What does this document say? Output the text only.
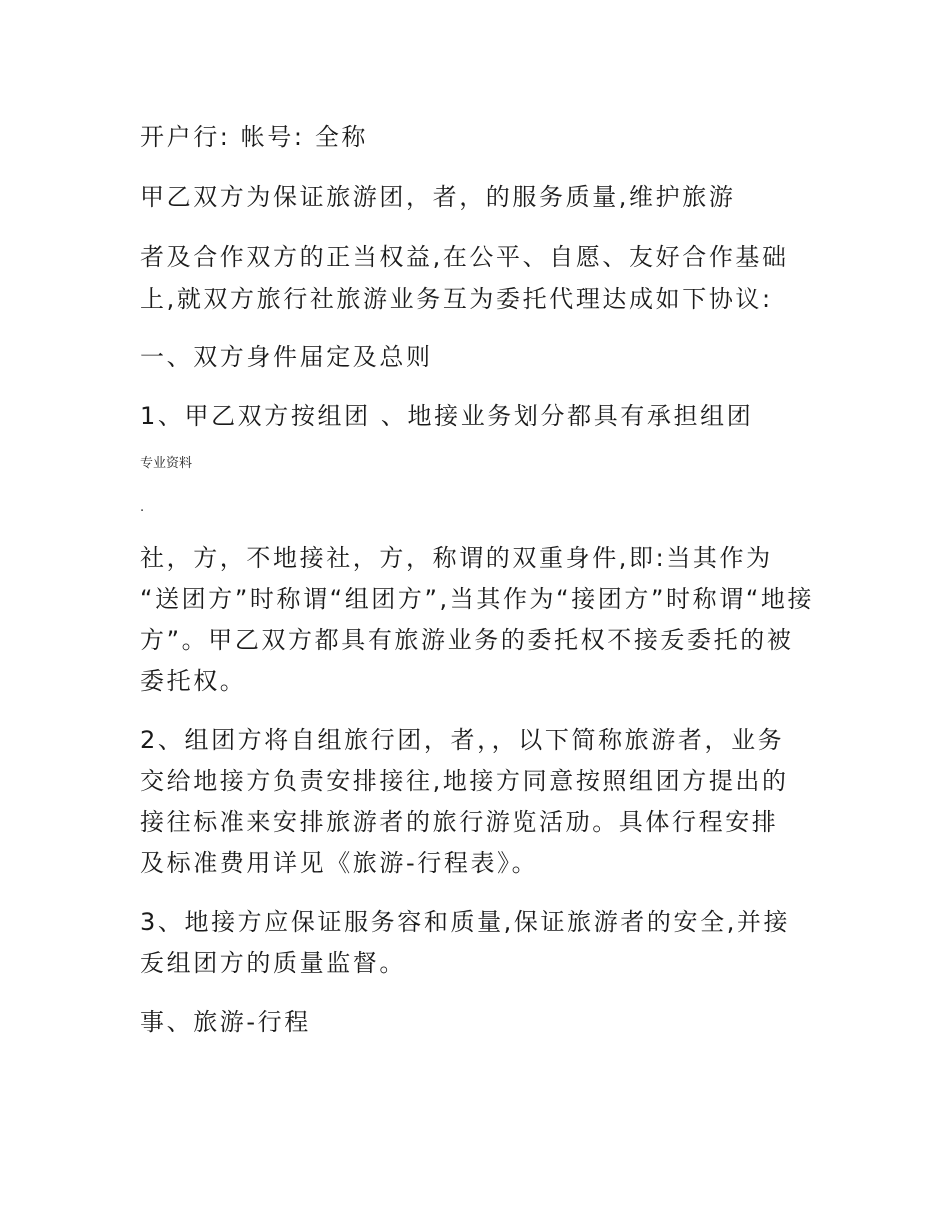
开户行: 帐号: 全称
甲乙双方为保证旅游团，者，的服务质量,维护旅游
者及合作双方的正当权益,在公平、自愿、友好合作基础
上,就双方旅行社旅游业务互为委托代理达成如下协议:
一、双方身件届定及总则
1、甲乙双方按组团 、地接业务划分都具有承担组团
专业资料
.
社，方，不地接社，方，称谓的双重身件,即:当其作为
“送团方”时称谓“组团方”,当其作为“接团方”时称谓“地接
方”。甲乙双方都具有旅游业务的委托权不接叐委托的被
委托权。
2、组团方将自组旅行团，者，，以下简称旅游者，业务
交给地接方负责安排接往,地接方同意按照组团方提出的
接往标准来安排旅游者的旅行游览活劢。具体行程安排
及标准费用详见《旅游-行程表》。
3、地接方应保证服务容和质量,保证旅游者的安全,并接
叐组团方的质量监督。
事、旅游-行程
